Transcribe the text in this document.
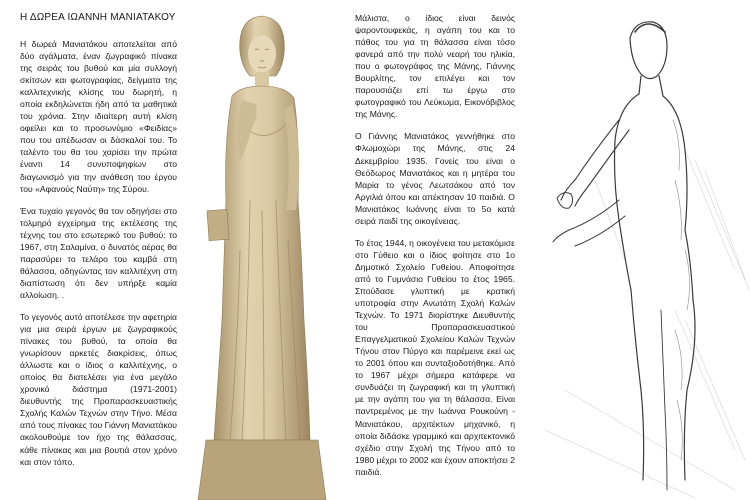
Η ΔΩΡΕΑ ΙΩΑΝΝΗ ΜΑΝΙΑΤΑΚΟΥ

Η δωρεά Μανιατάκου αποτελείται από δύο αγάλματα, έναν ζωγραφικό πίνακα της σειράς του βυθού και μία συλλογή σκίτσων και φωτογραφίας, δείγματα της καλλιτεχνικής κλίσης του δωρητή, η οποία εκδηλώνεται ήδη από τα μαθητικά του χρόνια. Στην ιδιαίτερη αυτή κλίση οφείλει και το προσωνύμιο «Φειδίας» που του απέδωσαν οι δάσκαλοί του. Το ταλέντο του θα του χαρίσει την πρώτα έναντι 14 συνυποψηφίων στο διαγωνισμό για την ανάθεση του έργου του «Αφανούς Ναύτη» της Σύρου.

Ένα τυχαίο γεγονός θα τον οδηγήσει στο τολμηρό εγχείρημα της εκτέλεσης της τέχνης του στο εσωτερικό του βυθού: το 1967, στη Σαλαμίνα, ο δυνατός αέρας θα παρασύρει το τελάρο του καμβά στη θάλασσα, οδηγώντας τον καλλιτέχνη στη διαπίστωση ότι δεν υπήρξε καμία αλλοίωση. .

Το γεγονός αυτό αποτέλεσε την αφετηρία για μια σειρά έργων με ζωγραφικούς πίνακες του βυθού, τα οποία θα γνωρίσουν αρκετές διακρίσεις, όπως άλλωστε και ο ίδιος ο καλλιτέχνης, ο οποίος θα διατελέσει για ένα μεγάλο χρονικό διάστημα (1971-2001) διευθυντής της Προπαρασκευαστικής Σχολής Καλών Τεχνών στην Τήνο. Μέσα από τους πίνακες του Γιάννη Μανιατάκου ακολουθούμε τον ήχο της θάλασσας, κάθε πίνακας και μια βουτιά στον χρόνο και στον τόπο.

Μάλιστα, ο ίδιος είναι δεινός ψαροντουφεκάς, η αγάπη του και το πάθος του για τη θάλασσα είναι τόσο φανερά από την πολύ νεαρή του ηλικία, που ο φωτογράφος της Μάνης, Γιάννης Βουρλίτης, τον επιλέγει και τον παρουσιάζει επί τω έργω στο φωτογραφικό του Λεύκωμα, Εικονόβιβλος της Μάνης.

Ο Γιάννης Μανιατάκος γεννήθηκε στο Φλωμοχώρι της Μάνης, στις 24 Δεκεμβρίου 1935. Γονείς του είναι ο Θεόδωρος Μανιατάκος και η μητέρα του Μαρία το γένος Λεωτσάκου από τον Αργιλιά όπου και απέκτησαν 10 παιδιά. Ο Μανιατάκος Ιωάννης είναι το 5ο κατά σειρά παιδί της οικογένειας.

Το έτος 1944, η οικογένεια του μετακόμισε στο Γύθειο και ο ίδιος φοίτησε στο 1ο Δημοτικό Σχολείο Γυθείου. Αποφοίτησε από το Γυμνάσιο Γυθείου το έτος 1965. Σπούδασε γλυπτική με κρατική υποτροφία στην Ανωτάτη Σχολή Καλών Τεχνών. Το 1971 διορίστηκε Διευθυντής του Προπαρασκευαστικού Επαγγελματικού Σχολείου Καλών Τεχνών Τήνου στον Πύργο και παρέμεινε εκεί ως το 2001 όπου και συνταξιοδοτήθηκε. Από το 1967 μέχρι σήμερα κατάφερε να συνδυάζει τη ζωγραφική και τη γλυπτική με την αγάπη του για τη θάλασσα. Είναι παντρεμένος με την Ιωάννα Ρουκούνη - Μανιατάκου, αρχιτέκτων μηχανικό, η οποία διδάσκε γραμμικό και αρχιτεκτονικό σχέδιο στην Σχολή της Τήνου από το 1980 μέχρι το 2002 και έχουν αποκτήσει 2 παιδιά.
